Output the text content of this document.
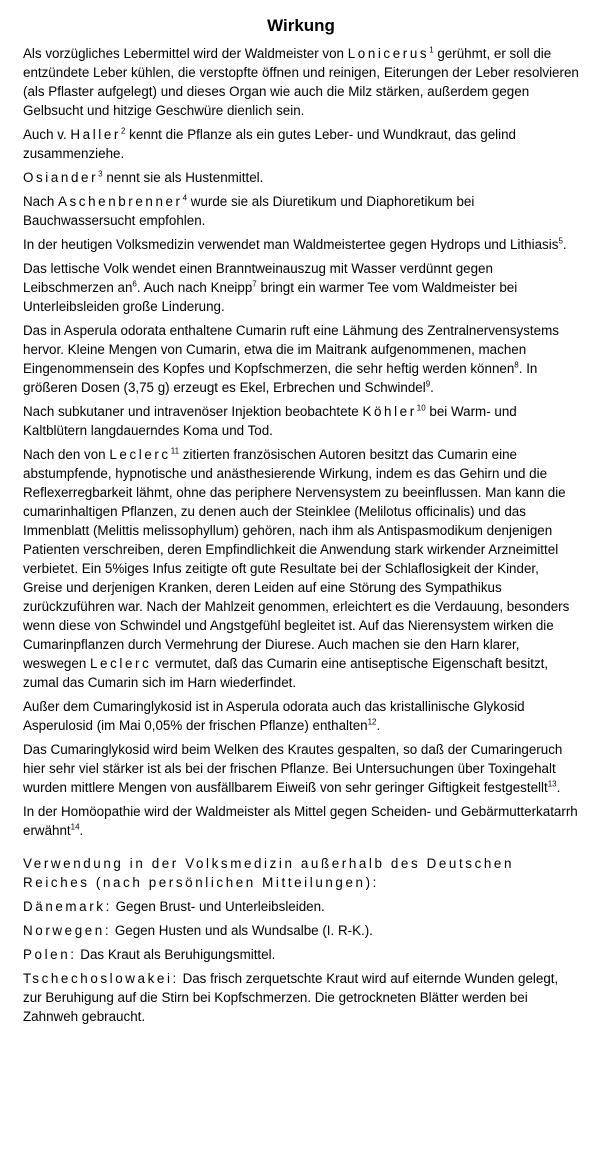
Wirkung

Als vorzügliches Lebermittel wird der Waldmeister von Lonicerus$^1$ gerühmt, er soll die entzündete Leber kühlen, die verstopfte öffnen und reinigen, Eiterungen der Leber resolvieren (als Pflaster aufgelegt) und dieses Organ wie auch die Milz stärken, außerdem gegen Gelbsucht und hitzige Geschwüre dienlich sein.

Auch v. Haller$^2$ kennt die Pflanze als ein gutes Leber- und Wundkraut, das gelind zusammenziehe.

Osiander$^3$ nennt sie als Hustenmittel.

Nach Aschenbrenner$^4$ wurde sie als Diuretikum und Diaphoretikum bei Bauchwassersucht empfohlen.

In der heutigen Volksmedizin verwendet man Waldmeistertee gegen Hydrops und Lithiasis$^5$.

Das lettische Volk wendet einen Branntweinauszug mit Wasser verdünnt gegen Leibschmerzen $an^6$. Auch nach Kneipp$^7$ bringt ein warmer Tee vom Waldmeister bei Unterleibsleiden große Linderung.

Das in Asperula odorata enthaltene Cumarin ruft eine Lähmung des Zentralnervensystems hervor. Kleine Mengen von Cumarin, etwa die im Maitrank aufgenommenen, machen Eingenommensein des Kopfes und Kopfschmerzen, die sehr heftig werden können$^8$. In größeren Dosen (3,75 g) erzeugt es Ekel, Erbrechen und Schwindel$^9$.

Nach subkutaner und intravenöser Injektion beobachtete Köhler$^{10}$ bei Warm- und Kaltblütern langdauerndes Koma und Tod.

Nach den von Leclerc$^{11}$ zitierten französischen Autoren besitzt das Cumarin eine abstumpfende, hypnotische und anästhesierende Wirkung, indem es das Gehirn und die Reflexerregbarkeit lähmt, ohne das periphere Nervensystem zu beeinflussen. Man kann die cumarinhaltigen Pflanzen, zu denen auch der Steinklee (Melilotus officinalis) und das Immenblatt (Melittis melissophyllum) gehören, nach ihm als Antispasmodikum denjenigen Patienten verschreiben, deren Empfindlichkeit die Anwendung stark wirkender Arzneimittel verbietet. Ein 5%iges Infus zeitigte oft gute Resultate bei der Schlaflosigkeit der Kinder, Greise und derjenigen Kranken, deren Leiden auf eine Störung des Sympathikus zurückzuführen war. Nach der Mahlzeit genommen, erleichtert es die Verdauung, besonders wenn diese von Schwindel und Angstgefühl begleitet ist. Auf das Nierensystem wirken die Cumarinpflanzen durch Vermehrung der Diurese. Auch machen sie den Harn klarer, weswegen Leclerc vermutet, daß das Cumarin eine antiseptische Eigenschaft besitzt, zumal das Cumarin sich im Harn wiederfindet.

Außer dem Cumaringlykosid ist in Asperula odorata auch das kristallinische Glykosid Asperulosid (im Mai 0,05% der frischen Pflanze) enthalten$^{12}$.

Das Cumaringlykosid wird beim Welken des Krautes gespalten, so daß der Cumaringeruch hier sehr viel stärker ist als bei der frischen Pflanze. Bei Untersuchungen über Toxingehalt wurden mittlere Mengen von ausfällbarem Eiweiß von sehr geringer Giftigkeit festgestellt$^{13}$.

In der Homöopathie wird der Waldmeister als Mittel gegen Scheiden- und Gebärmutterkatarrh erwähnt$^{14}$.

Verwendung in der Volksmedizin außerhalb des Deutschen Reiches (nach persönlichen Mitteilungen):

Dänemark: Gegen Brust- und Unterleibsleiden.

Norwegen: Gegen Husten und als Wundsalbe (I. R-K.).

Polen: Das Kraut als Beruhigungsmittel.

Tschechoslowakei: Das frisch zerquetschte Kraut wird auf eiternde Wunden gelegt, zur Beruhigung auf die Stirn bei Kopfschmerzen. Die getrockneten Blätter werden bei Zahnweh gebraucht.
